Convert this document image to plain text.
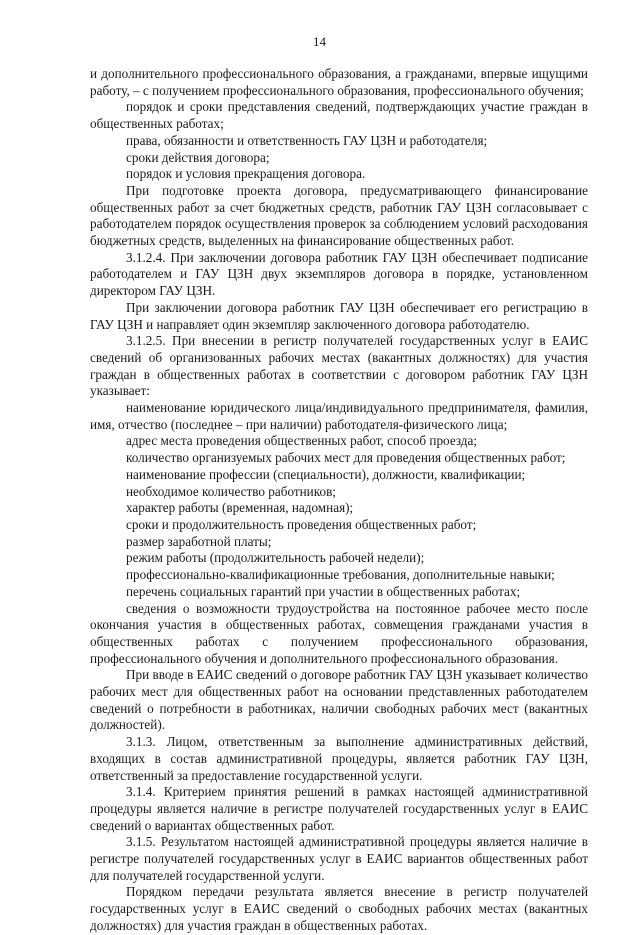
14

и дополнительного профессионального образования, а гражданами, впервые ищущими работу, – с получением профессионального образования, профессионального обучения;

порядок и сроки представления сведений, подтверждающих участие граждан в общественных работах;

права, обязанности и ответственность ГАУ ЦЗН и работодателя;

сроки действия договора;

порядок и условия прекращения договора.

При подготовке проекта договора, предусматривающего финансирование общественных работ за счет бюджетных средств, работник ГАУ ЦЗН согласовывает с работодателем порядок осуществления проверок за соблюдением условий расходования бюджетных средств, выделенных на финансирование общественных работ.

3.1.2.4. При заключении договора работник ГАУ ЦЗН обеспечивает подписание работодателем и ГАУ ЦЗН двух экземпляров договора в порядке, установленном директором ГАУ ЦЗН.

При заключении договора работник ГАУ ЦЗН обеспечивает его регистрацию в ГАУ ЦЗН и направляет один экземпляр заключенного договора работодателю.

3.1.2.5. При внесении в регистр получателей государственных услуг в ЕАИС сведений об организованных рабочих местах (вакантных должностях) для участия граждан в общественных работах в соответствии с договором работник ГАУ ЦЗН указывает:

наименование юридического лица/индивидуального предпринимателя, фамилия, имя, отчество (последнее – при наличии) работодателя-физического лица;

адрес места проведения общественных работ, способ проезда;

количество организуемых рабочих мест для проведения общественных работ;

наименование профессии (специальности), должности, квалификации;

необходимое количество работников;

характер работы (временная, надомная);

сроки и продолжительность проведения общественных работ;

размер заработной платы;

режим работы (продолжительность рабочей недели);

профессионально-квалификационные требования, дополнительные навыки;

перечень социальных гарантий при участии в общественных работах;

сведения о возможности трудоустройства на постоянное рабочее место после окончания участия в общественных работах, совмещения гражданами участия в общественных работах с получением профессионального образования, профессионального обучения и дополнительного профессионального образования.

При вводе в ЕАИС сведений о договоре работник ГАУ ЦЗН указывает количество рабочих мест для общественных работ на основании представленных работодателем сведений о потребности в работниках, наличии свободных рабочих мест (вакантных должностей).

3.1.3. Лицом, ответственным за выполнение административных действий, входящих в состав административной процедуры, является работник ГАУ ЦЗН, ответственный за предоставление государственной услуги.

3.1.4. Критерием принятия решений в рамках настоящей административной процедуры является наличие в регистре получателей государственных услуг в ЕАИС сведений о вариантах общественных работ.

3.1.5. Результатом настоящей административной процедуры является наличие в регистре получателей государственных услуг в ЕАИС вариантов общественных работ для получателей государственной услуги.

Порядком передачи результата является внесение в регистр получателей государственных услуг в ЕАИС сведений о свободных рабочих местах (вакантных должностях) для участия граждан в общественных работах.
